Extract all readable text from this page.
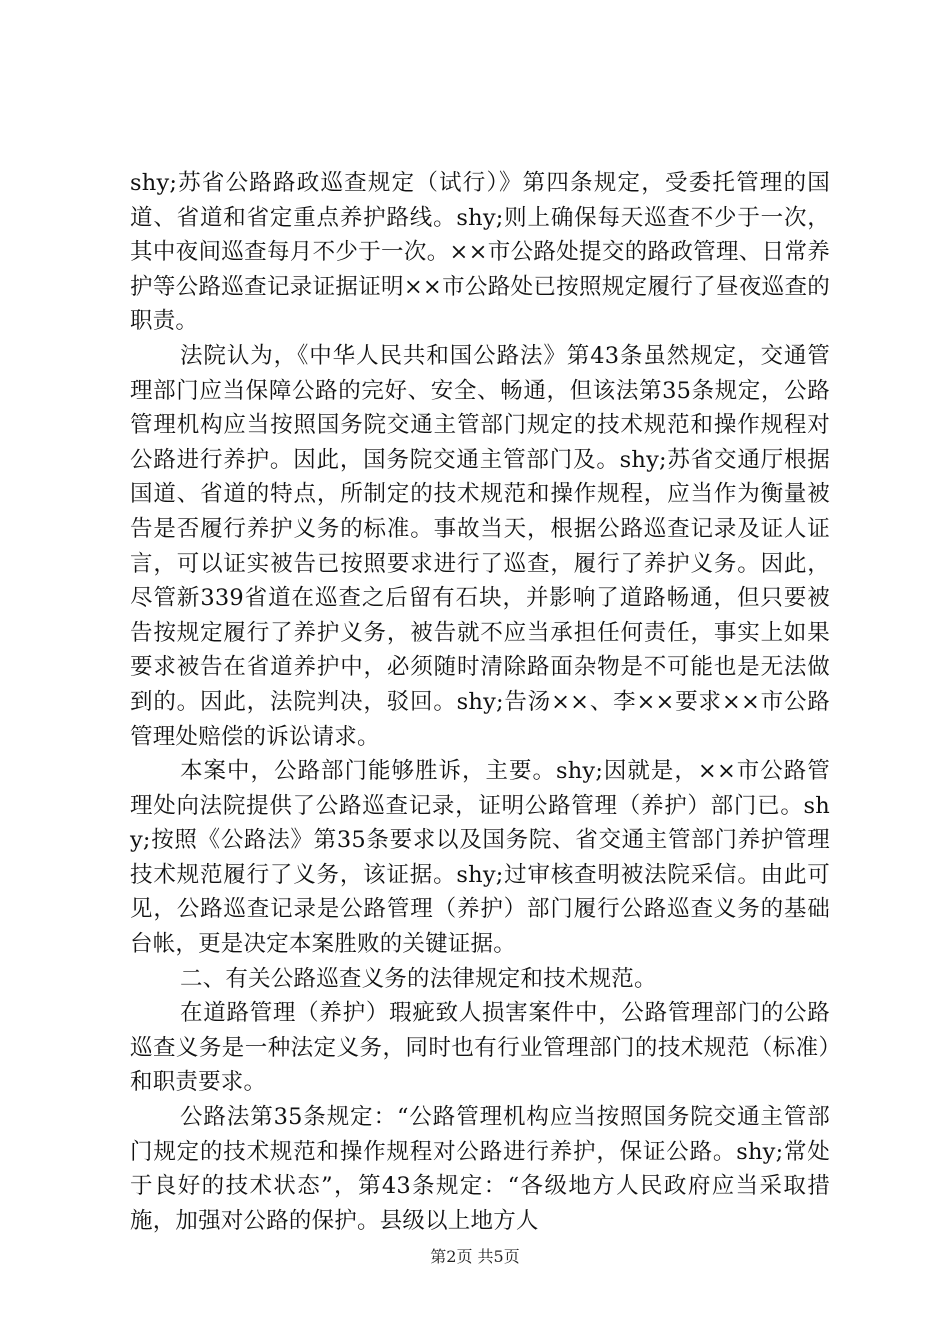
shy;苏省公路路政巡查规定（试行）》第四条规定，受委托管理的国道、省道和省定重点养护路线。shy;则上确保每天巡查不少于一次，其中夜间巡查每月不少于一次。××市公路处提交的路政管理、日常养护等公路巡查记录证据证明××市公路处已按照规定履行了昼夜巡查的职责。

法院认为，《中华人民共和国公路法》第43条虽然规定，交通管理部门应当保障公路的完好、安全、畅通，但该法第35条规定，公路管理机构应当按照国务院交通主管部门规定的技术规范和操作规程对公路进行养护。因此，国务院交通主管部门及。shy;苏省交通厅根据国道、省道的特点，所制定的技术规范和操作规程，应当作为衡量被告是否履行养护义务的标准。事故当天，根据公路巡查记录及证人证言，可以证实被告已按照要求进行了巡查，履行了养护义务。因此，尽管新339省道在巡查之后留有石块，并影响了道路畅通，但只要被告按规定履行了养护义务，被告就不应当承担任何责任，事实上如果要求被告在省道养护中，必须随时清除路面杂物是不可能也是无法做到的。因此，法院判决，驳回。shy;告汤××、李××要求××市公路管理处赔偿的诉讼请求。

本案中，公路部门能够胜诉，主要。shy;因就是，××市公路管理处向法院提供了公路巡查记录，证明公路管理（养护）部门已。shy;按照《公路法》第35条要求以及国务院、省交通主管部门养护管理技术规范履行了义务，该证据。shy;过审核查明被法院采信。由此可见，公路巡查记录是公路管理（养护）部门履行公路巡查义务的基础台帐，更是决定本案胜败的关键证据。

二、有关公路巡查义务的法律规定和技术规范。

在道路管理（养护）瑕疵致人损害案件中，公路管理部门的公路巡查义务是一种法定义务，同时也有行业管理部门的技术规范（标准）和职责要求。

公路法第35条规定：“公路管理机构应当按照国务院交通主管部门规定的技术规范和操作规程对公路进行养护，保证公路。shy;常处于良好的技术状态”，第43条规定：“各级地方人民政府应当采取措施，加强对公路的保护。县级以上地方人

第2页 共5页
